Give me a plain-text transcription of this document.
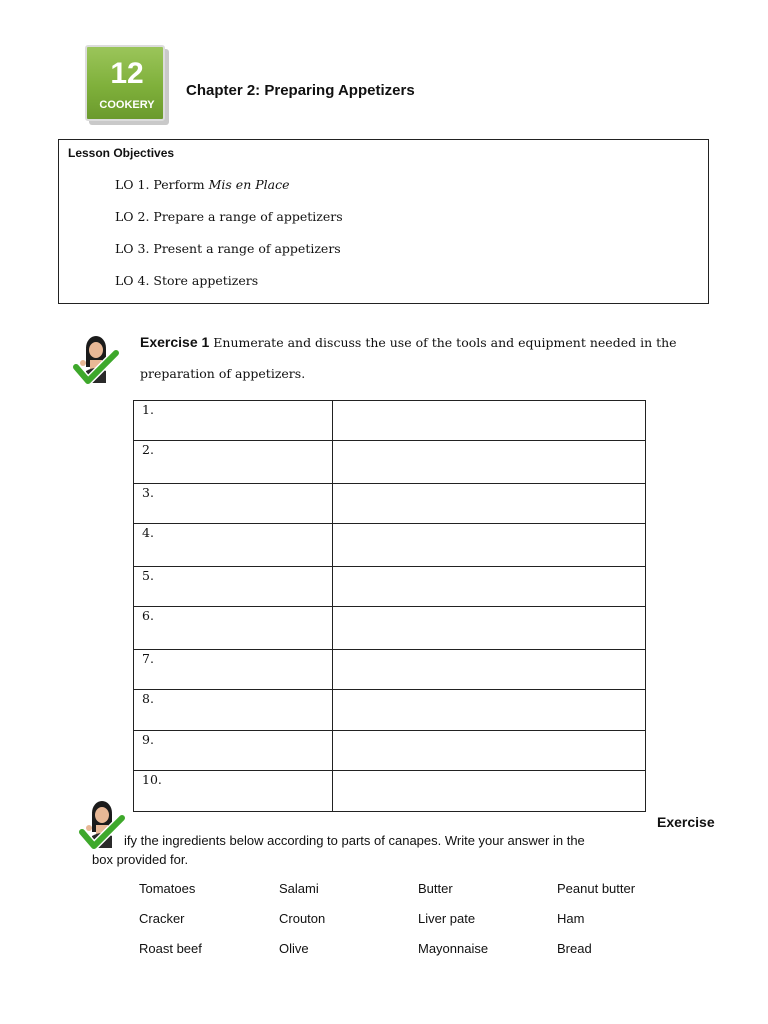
12
COOKERY
Chapter 2: Preparing Appetizers
Lesson Objectives
LO 1. Perform Mis en Place
LO 2. Prepare a range of appetizers
LO 3. Present a range of appetizers
LO 4. Store appetizers
Exercise 1 Enumerate and discuss the use of the tools and equipment needed in the
preparation of appetizers.
1.	
2.	
3.	
4.	
5.	
6.	
7.	
8.	
9.	
10.	
Exercise
ify the ingredients below according to parts of canapes. Write your answer in the
box provided for.
Tomatoes	Salami	Butter	Peanut butter
Cracker	Crouton	Liver pate	Ham
Roast beef	Olive	Mayonnaise	Bread
